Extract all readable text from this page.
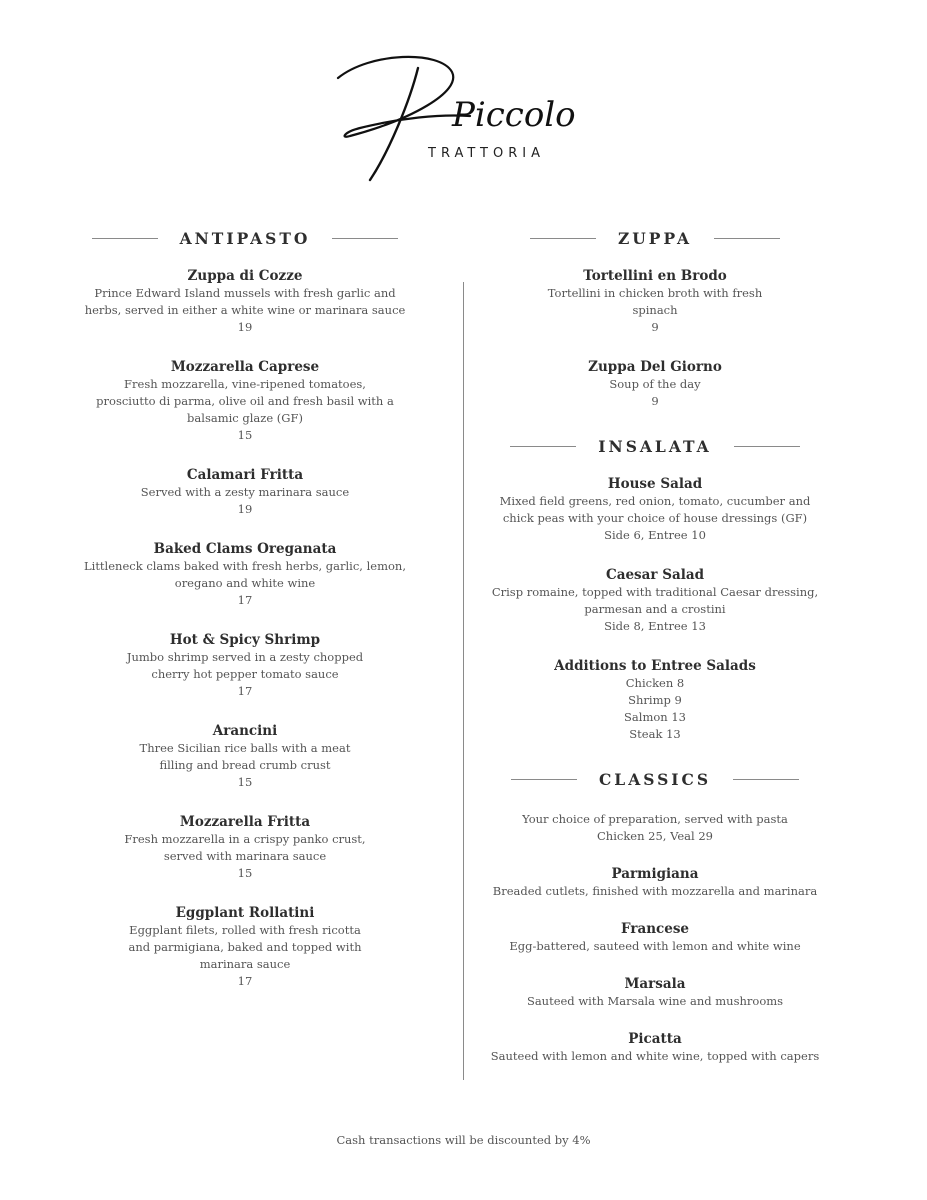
Piccolo
TRATTORIA
ANTIPASTO
Zuppa di Cozze
Prince Edward Island mussels with fresh garlic and
herbs, served in either a white wine or marinara sauce
19
Mozzarella Caprese
Fresh mozzarella, vine-ripened tomatoes,
prosciutto di parma, olive oil and fresh basil with a
balsamic glaze (GF)
15
Calamari Fritta
Served with a zesty marinara sauce
19
Baked Clams Oreganata
Littleneck clams baked with fresh herbs, garlic, lemon,
oregano and white wine
17
Hot & Spicy Shrimp
Jumbo shrimp served in a zesty chopped
cherry hot pepper tomato sauce
17
Arancini
Three Sicilian rice balls with a meat
filling and bread crumb crust
15
Mozzarella Fritta
Fresh mozzarella in a crispy panko crust,
served with marinara sauce
15
Eggplant Rollatini
Eggplant filets, rolled with fresh ricotta
and parmigiana, baked and topped with
marinara sauce
17
ZUPPA
Tortellini en Brodo
Tortellini in chicken broth with fresh
spinach
9
Zuppa Del Giorno
Soup of the day
9
INSALATA
House Salad
Mixed field greens, red onion, tomato, cucumber and
chick peas with your choice of house dressings (GF)
Side 6, Entree 10
Caesar Salad
Crisp romaine, topped with traditional Caesar dressing,
parmesan and a crostini
Side 8, Entree 13
Additions to Entree Salads
Chicken 8
Shrimp 9
Salmon 13
Steak 13
CLASSICS
Your choice of preparation, served with pasta
Chicken 25, Veal 29
Parmigiana
Breaded cutlets, finished with mozzarella and marinara
Francese
Egg-battered, sauteed with lemon and white wine
Marsala
Sauteed with Marsala wine and mushrooms
Picatta
Sauteed with lemon and white wine, topped with capers
Cash transactions will be discounted by 4%
